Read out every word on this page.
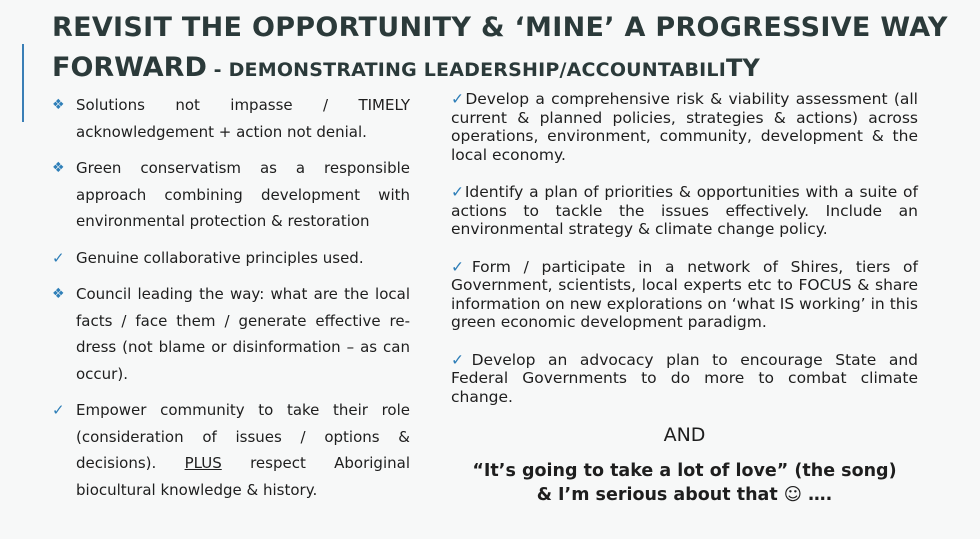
REVISIT THE OPPORTUNITY & ‘MINE’ A PROGRESSIVE WAY
FORWARD - DEMONSTRATING LEADERSHIP/ACCOUNTABILITY
❖ Solutions not impasse / TIMELY acknowledgement + action not denial.
❖ Green conservatism as a responsible approach combining development with environmental protection & restoration
✓ Genuine collaborative principles used.
❖ Council leading the way: what are the local facts / face them / generate effective re-dress (not blame or disinformation – as can occur).
✓ Empower community to take their role (consideration of issues / options & decisions). PLUS respect Aboriginal biocultural knowledge & history.
✓Develop a comprehensive risk & viability assessment (all current & planned policies, strategies & actions) across operations, environment, community, development & the local economy.
✓Identify a plan of priorities & opportunities with a suite of actions to tackle the issues effectively. Include an environmental strategy & climate change policy.
✓Form / participate in a network of Shires, tiers of Government, scientists, local experts etc to FOCUS & share information on new explorations on ‘what IS working’ in this green economic development paradigm.
✓Develop an advocacy plan to encourage State and Federal Governments to do more to combat climate change.
AND
“It’s going to take a lot of love” (the song)
& I’m serious about that ☺ ….
